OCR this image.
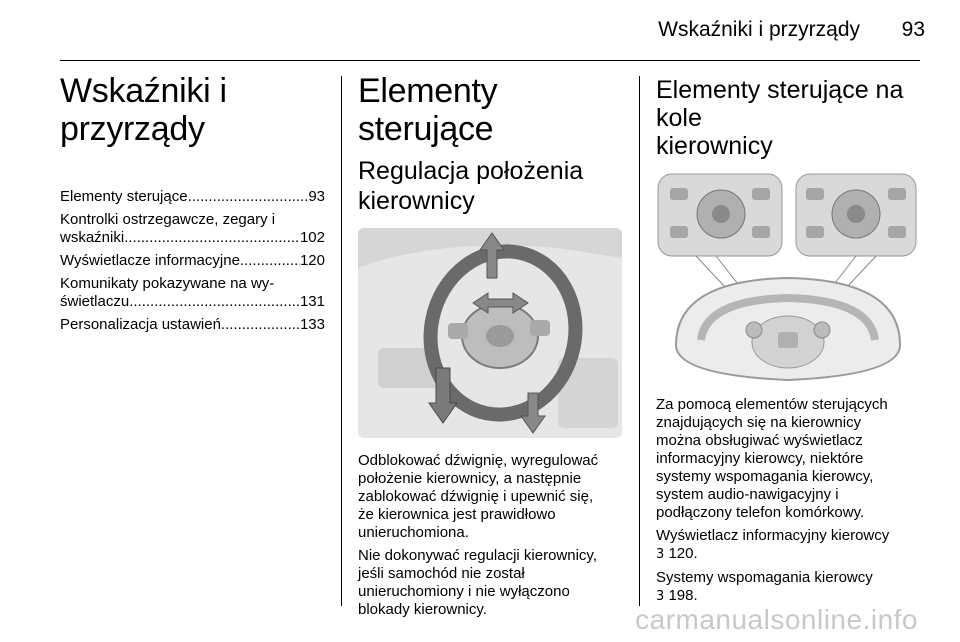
Wskaźniki i przyrządy	93
Wskaźniki i przyrządy
Elementy sterujące .....	93
Kontrolki ostrzegawcze, zegary i
wskaźniki .....	102
Wyświetlacze informacyjne .....	120
Komunikaty pokazywane na wy-
świetlaczu .....	131
Personalizacja ustawień .....	133
Elementy sterujące
Regulacja położenia
kierownicy

Odblokować dźwignię, wyregulować
położenie kierownicy, a następnie
zablokować dźwignię i upewnić się,
że kierownica jest prawidłowo
unieruchomiona.

Nie dokonywać regulacji kierownicy,
jeśli samochód nie został
unieruchomiony i nie wyłączono
blokady kierownicy.

Elementy sterujące na kole
kierownicy

Za pomocą elementów sterujących
znajdujących się na kierownicy
można obsługiwać wyświetlacz
informacyjny kierowcy, niektóre
systemy wspomagania kierowcy,
system audio-nawigacyjny i
podłączony telefon komórkowy.

Wyświetlacz informacyjny kierowcy
3 120.

Systemy wspomagania kierowcy
3 198.

carmanualsonline.info
